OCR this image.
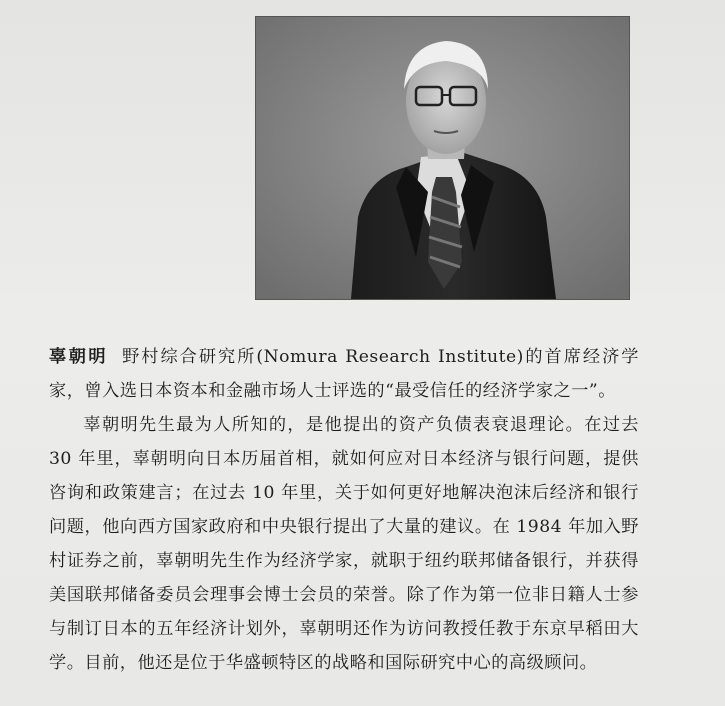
辜朝明 野村综合研究所(Nomura Research Institute)的首席经济学家，曾入选日本资本和金融市场人士评选的“最受信任的经济学家之一”。

辜朝明先生最为人所知的，是他提出的资产负债表衰退理论。在过去 30 年里，辜朝明向日本历届首相，就如何应对日本经济与银行问题，提供咨询和政策建言；在过去 10 年里，关于如何更好地解决泡沫后经济和银行问题，他向西方国家政府和中央银行提出了大量的建议。在 1984 年加入野村证券之前，辜朝明先生作为经济学家，就职于纽约联邦储备银行，并获得美国联邦储备委员会理事会博士会员的荣誉。除了作为第一位非日籍人士参与制订日本的五年经济计划外，辜朝明还作为访问教授任教于东京早稻田大学。目前，他还是位于华盛顿特区的战略和国际研究中心的高级顾问。
